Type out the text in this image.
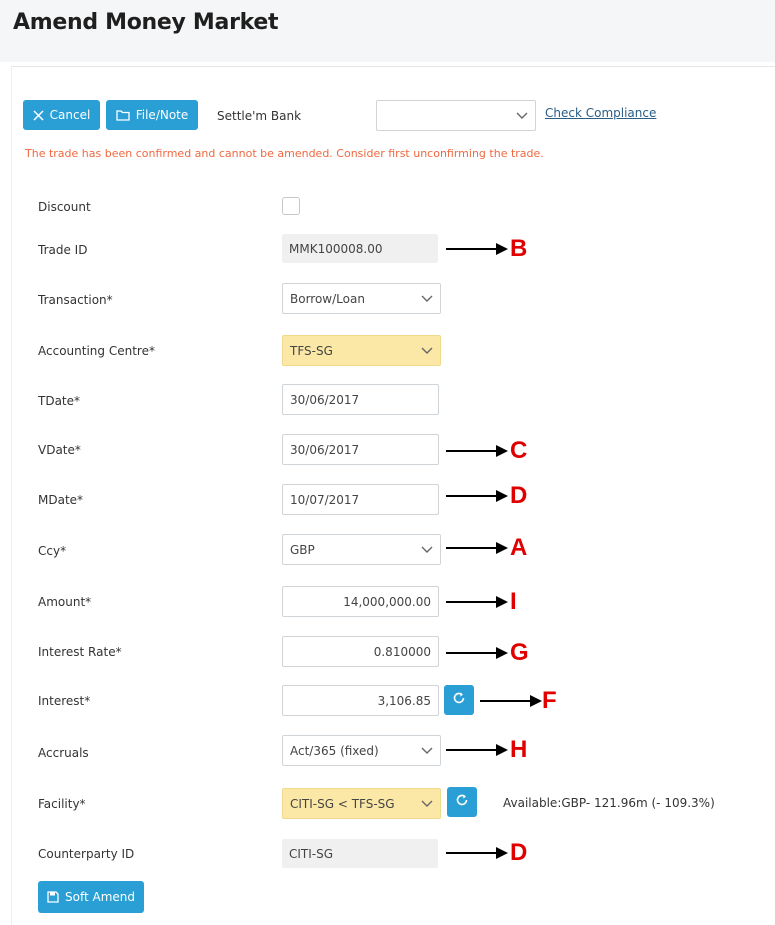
Amend Money Market
Cancel	File/Note Settle'm Bank	Check Compliance
The trade has been confirmed and cannot be amended. Consider first unconfirming the trade.
Discount
Trade ID	MMK100008.00
Transaction*	Borrow/Loan
Accounting Centre*	TFS-SG
TDate*	30/06/2017
VDate*	30/06/2017
MDate*	10/07/2017
Ccy*	GBP
Amount*	14,000,000.00
Interest Rate*	0.810000
Interest*	3,106.85
Accruals	Act/365 (fixed)
Facility*	CITI-SG < TFS-SG	Available:GBP- 121.96m (- 109.3%)
Counterparty ID	CITI-SG
Soft Amend
B
C
D
A
I
G
F
H
D
